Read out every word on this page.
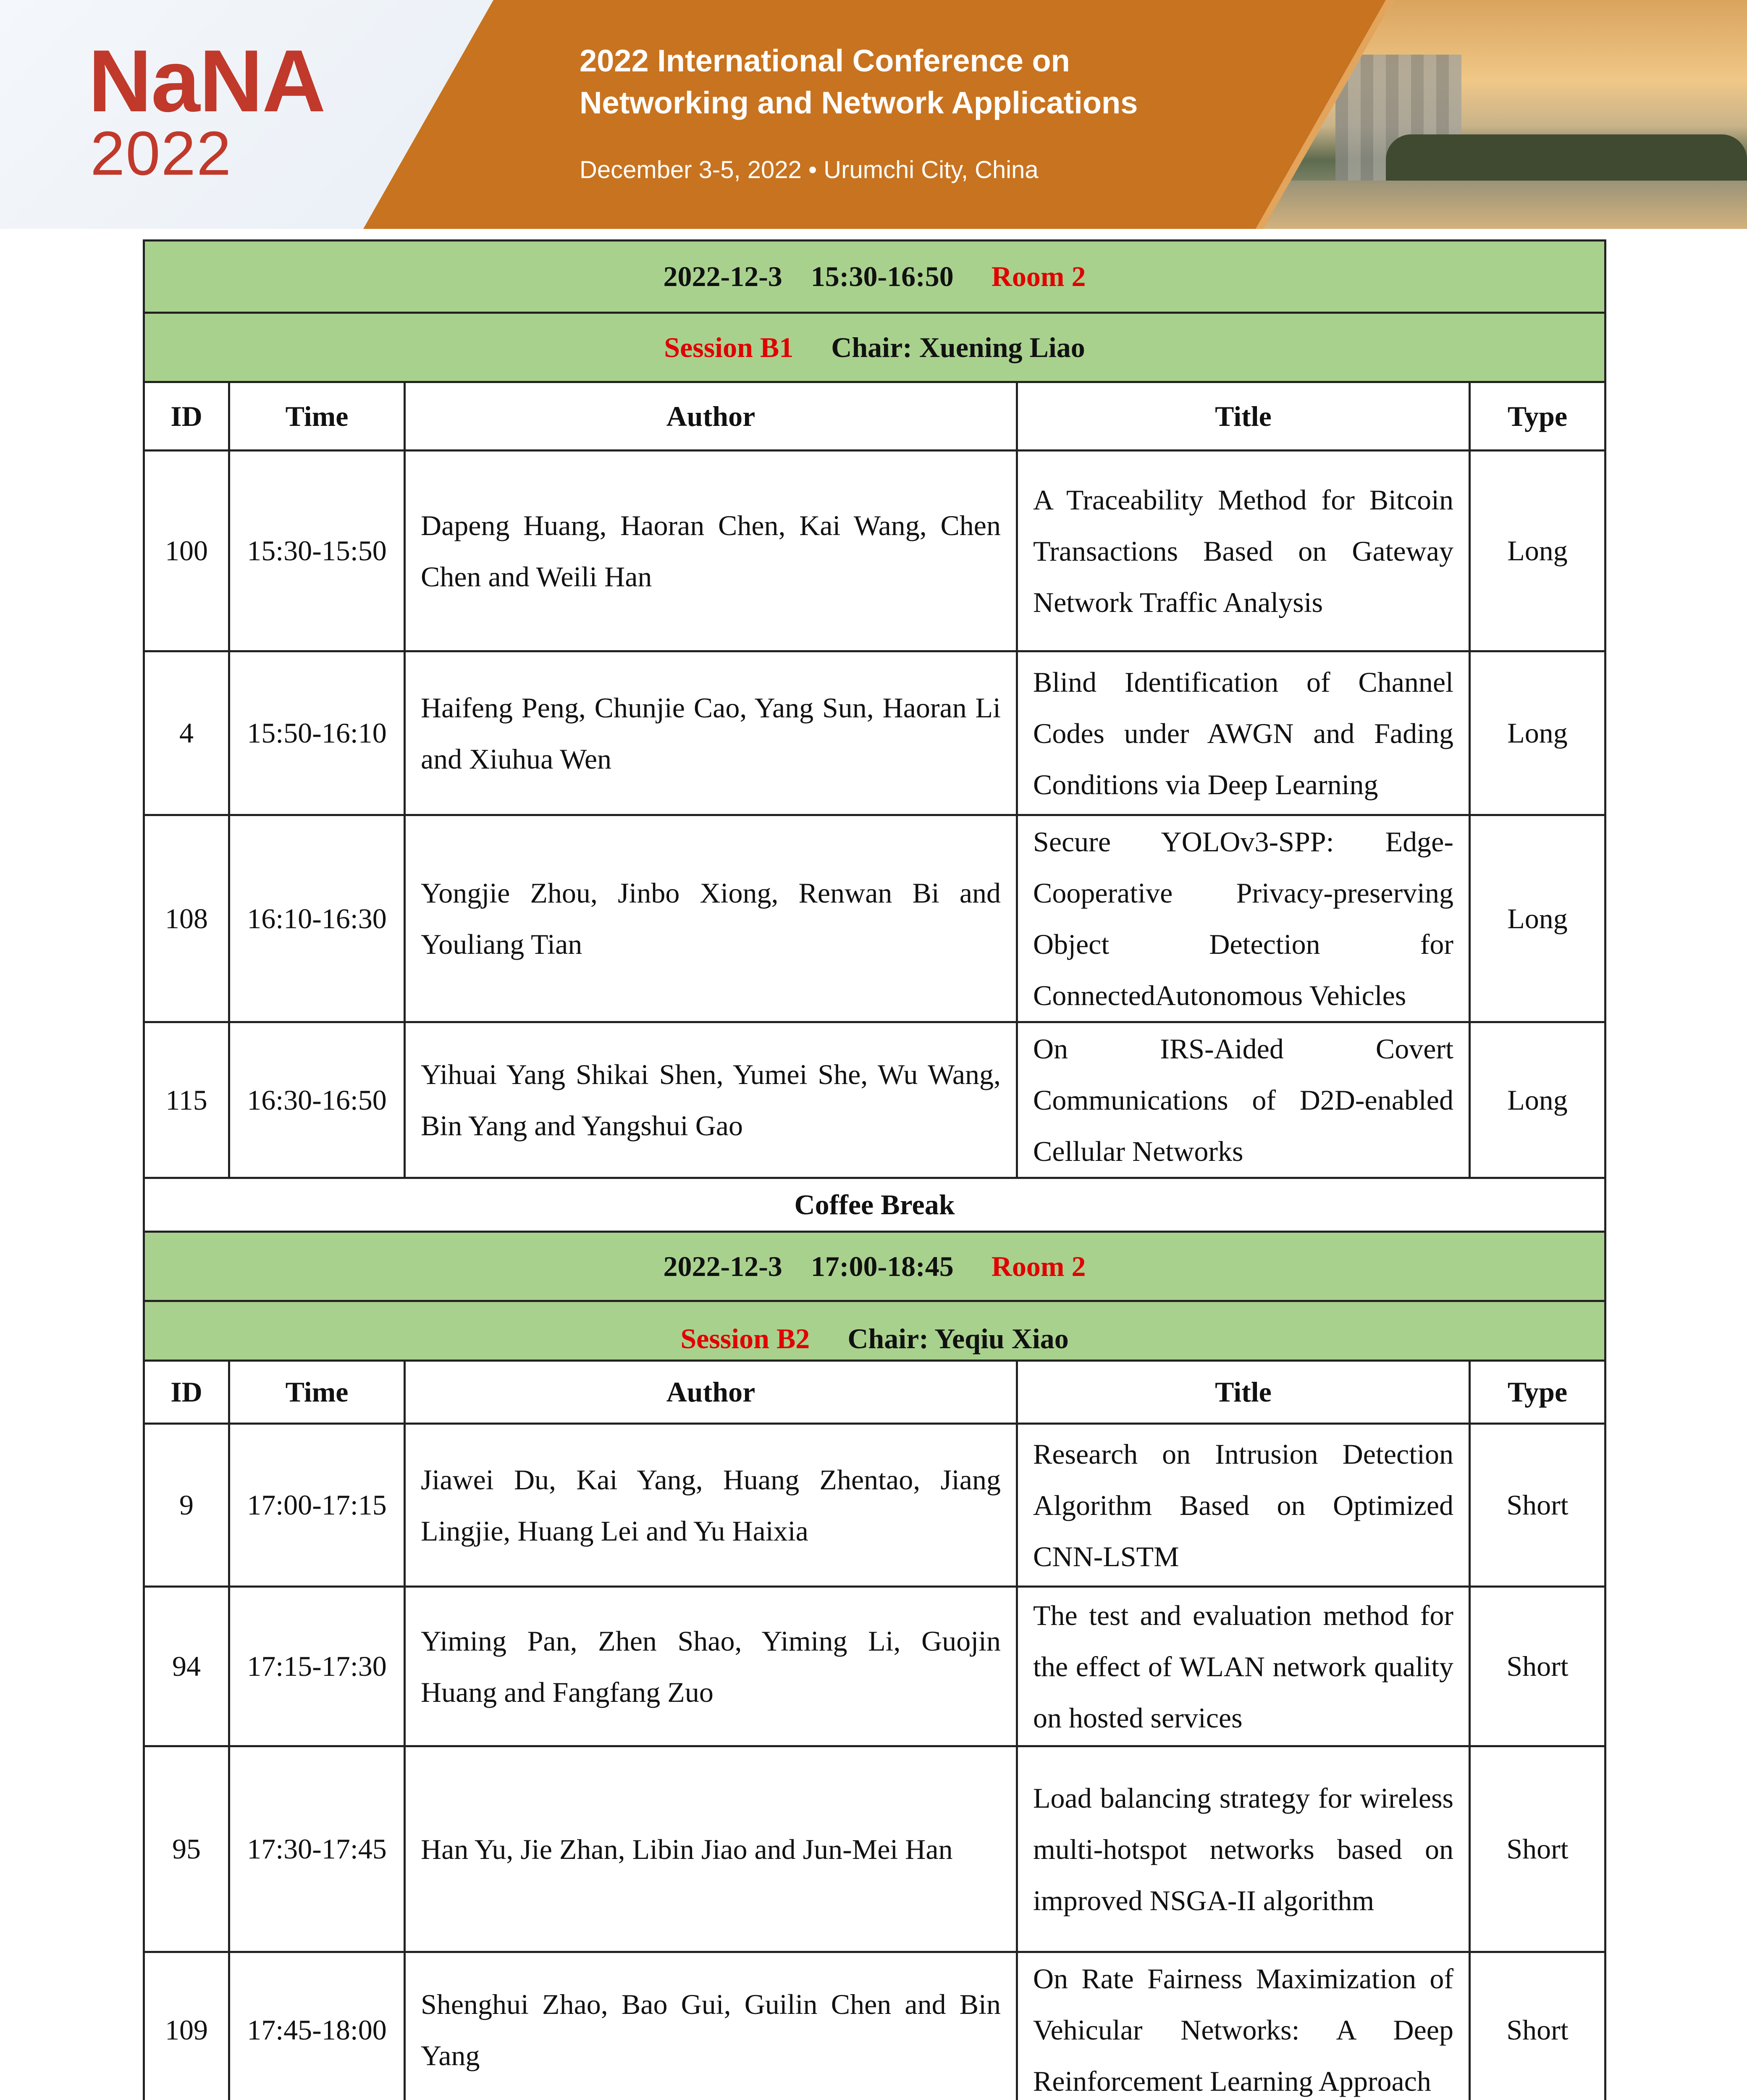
NaNA
2022
2022 International Conference on
Networking and Network Applications
December 3-5, 2022 • Urumchi City, China
2022-12-3    15:30-16:50 Room 2				
Session B1 Chair: Xuening Liao				
ID	Time	Author	Title	Type
100	15:30-15:50	Dapeng Huang, Haoran Chen, Kai Wang, Chen Chen and Weili Han	A Traceability Method for Bitcoin Transactions Based on Gateway Network Traffic Analysis	Long
4	15:50-16:10	Haifeng Peng, Chunjie Cao, Yang Sun, Haoran Li and Xiuhua Wen	Blind Identification of Channel Codes under AWGN and Fading Conditions via Deep Learning	Long
108	16:10-16:30	Yongjie Zhou, Jinbo Xiong, Renwan Bi and Youliang Tian	Secure YOLOv3-SPP: Edge-Cooperative Privacy-preserving Object Detection for ConnectedAutonomous Vehicles	Long
115	16:30-16:50	Yihuai Yang Shikai Shen, Yumei She, Wu Wang, Bin Yang and Yangshui Gao	On IRS-Aided Covert Communications of D2D-enabled Cellular Networks	Long
Coffee Break				
2022-12-3    17:00-18:45 Room 2				
Session B2 Chair: Yeqiu Xiao				
ID	Time	Author	Title	Type
9	17:00-17:15	Jiawei Du, Kai Yang, Huang Zhentao, Jiang Lingjie, Huang Lei and Yu Haixia	Research on Intrusion Detection Algorithm Based on Optimized CNN-LSTM	Short
94	17:15-17:30	Yiming Pan, Zhen Shao, Yiming Li, Guojin Huang and Fangfang Zuo	The test and evaluation method for the effect of WLAN network quality on hosted services	Short
95	17:30-17:45	Han Yu, Jie Zhan, Libin Jiao and Jun-Mei Han	Load balancing strategy for wireless multi-hotspot networks based on improved NSGA-II algorithm	Short
109	17:45-18:00	Shenghui Zhao, Bao Gui, Guilin Chen and Bin Yang	On Rate Fairness Maximization of Vehicular Networks: A Deep Reinforcement Learning Approach	Short
